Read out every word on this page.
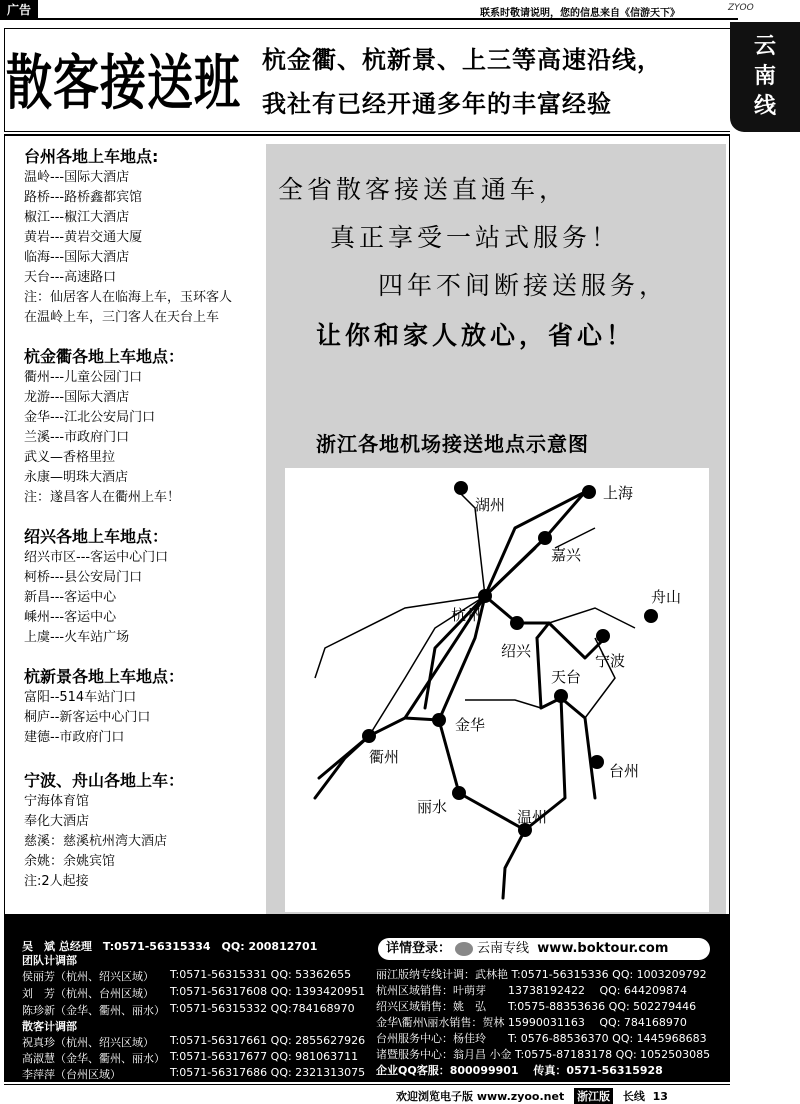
广告	联系时敬请说明，您的信息来自《信游天下》	ZYOO
云
南
线
散客接送班 杭金衢、杭新景、上三等高速沿线，
我社有已经开通多年的丰富经验
台州各地上车地点:
温岭---国际大酒店
路桥---路桥鑫都宾馆
椒江---椒江大酒店
黄岩---黄岩交通大厦
临海---国际大酒店
天台---高速路口
注：仙居客人在临海上车，玉环客人
在温岭上车，三门客人在天台上车
杭金衢各地上车地点：
衢州---儿童公园门口
龙游---国际大酒店
金华---江北公安局门口
兰溪---市政府门口
武义—香格里拉
永康—明珠大酒店
注：遂昌客人在衢州上车！
绍兴各地上车地点：
绍兴市区---客运中心门口
柯桥---县公安局门口
新昌---客运中心
嵊州---客运中心
上虞---火车站广场
杭新景各地上车地点：
富阳--514车站门口
桐庐--新客运中心门口
建德--市政府门口
宁波、舟山各地上车：
宁海体育馆
奉化大酒店
慈溪：慈溪杭州湾大酒店
余姚：余姚宾馆
注:2人起接
全省散客接送直通车，
真正享受一站式服务！
四年不间断接送服务，
让你和家人放心，省心！
浙江各地机场接送地点示意图
上海
湖州
嘉兴
舟山
杭州
绍兴
宁波
天台
金华
衢州
台州
丽水
温州
吴　斌 总经理　T:0571-56315334　QQ: 200812701
团队计调部
侯丽芳（杭州、绍兴区域）
刘　芳（杭州、台州区域）
陈珍新（金华、衢州、丽水）
T:0571-56315331 QQ: 53362655
T:0571-56317608 QQ: 1393420951
T:0571-56315332 QQ:784168970
散客计调部
祝真珍（杭州、绍兴区域）
高淑慧（金华、衢州、丽水）
李萍萍（台州区域）
T:0571-56317661 QQ: 2855627926
T:0571-56317677 QQ: 981063711
T:0571-56317686 QQ: 2321313075
详情登录： 云南专线 www.boktour.com
丽江版纳专线计调：武林艳 T:0571-56315336 QQ: 1003209792
杭州区域销售：叶萌芽　　13738192422　 QQ: 644209874
绍兴区域销售：姚　弘　　T:0575-88353636 QQ: 502279446
金华\衢州\丽水销售：贺林 15990031163　 QQ: 784168970
台州服务中心：杨佳玲　　T: 0576-88536370 QQ: 1445968683
诸暨服务中心：翁月昌 小金 T:0575-87183178 QQ: 1052503085
企业QQ客服：800099901　 传真：0571-56315928
欢迎浏览电子版 www.zyoo.net 浙江版 长线 13
